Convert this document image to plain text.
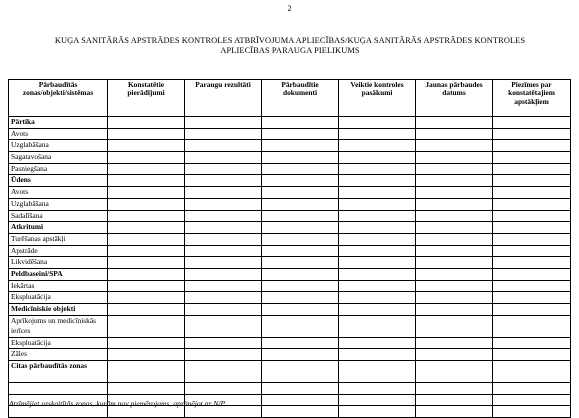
2
KUĢA SANITĀRĀS APSTRĀDES KONTROLES ATBRĪVOJUMA APLIECĪBAS/KUĢA SANITĀRĀS APSTRĀDES KONTROLES
APLIECĪBAS PARAUGA PIELIKUMS
Pārbaudītās zonas/objekti/sistēmas	Konstatētie pierādījumi	Paraugu rezultāti	Pārbaudītie dokumenti	Veiktie kontroles pasākumi	Jaunas pārbaudes datums	Piezīmes par konstatētajiem apstākļiem
Pārtika						
Avots						
Uzglabāšana						
Sagatavošana						
Pasniegšana						
Ūdens						
Avots						
Uzglabāšana						
Sadalīšana						
Atkritumi						
Turēšanas apstākļi						
Apstrāde						
Likvidēšana						
Peldbaseini/SPA						
Iekārtas						
Ekspluatācija						
Medicīniskie objekti						
Aprīkojums un medicīniskās ierīces						
Ekspluatācija						
Zāles						
Citas pārbaudītās zonas						

Atzīmējiet uzskaitītās zonas, kurām nav piemērojams, apzīmējot ar N/P
